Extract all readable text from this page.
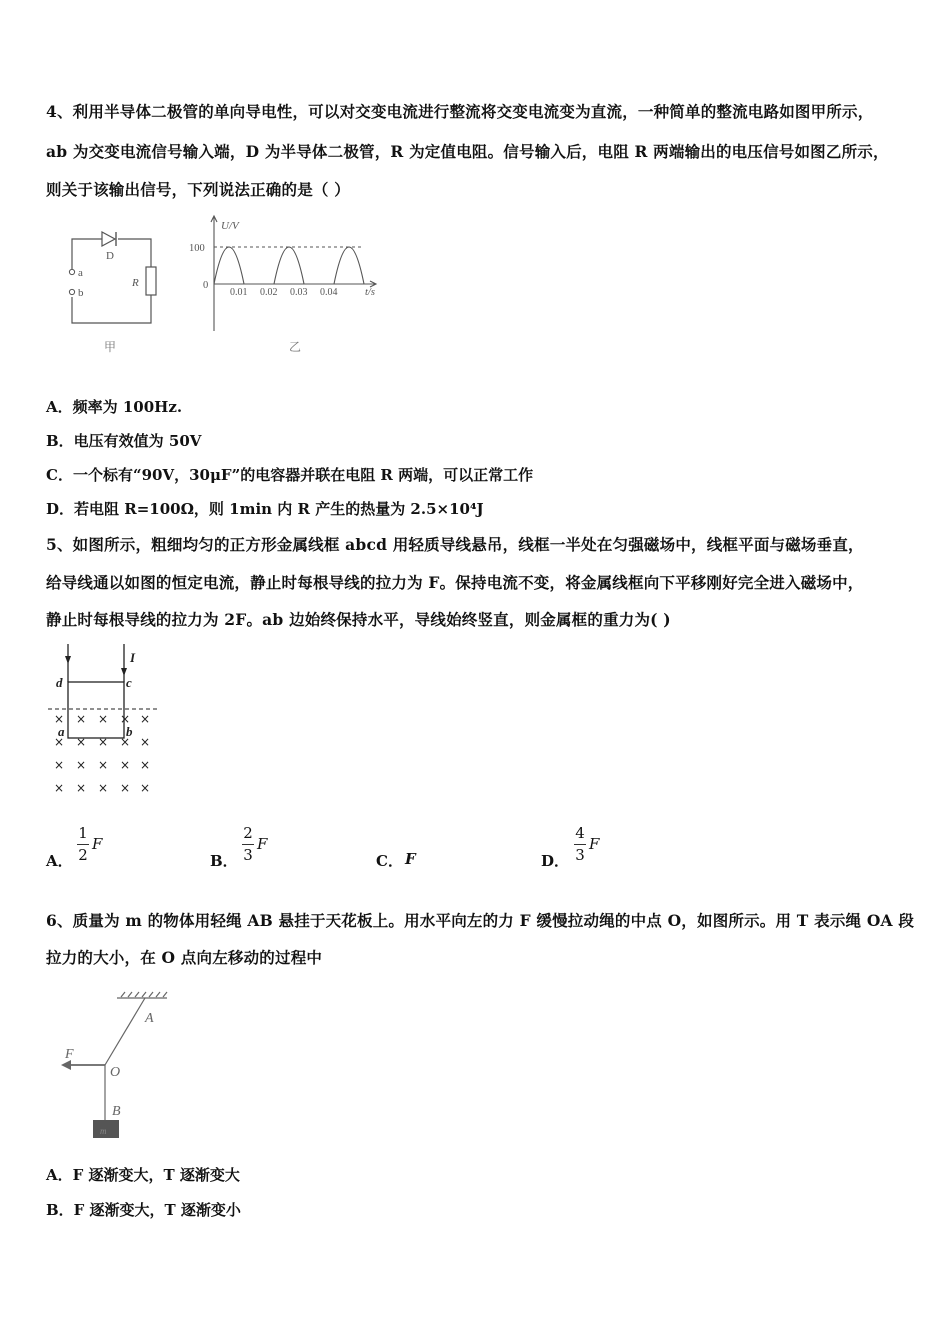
4、利用半导体二极管的单向导电性，可以对交变电流进行整流将交变电流变为直流，一种简单的整流电路如图甲所示，
ab 为交变电流信号输入端，D 为半导体二极管，R 为定值电阻。信号输入后，电阻 R 两端输出的电压信号如图乙所示，
则关于该输出信号，下列说法正确的是（ ）
a
b
D
R
甲
U/V
100
0
0.01 0.02 0.03 0.04	t/s
乙
A．频率为 100Hz.
B．电压有效值为 50V
C．一个标有“90V，30μF”的电容器并联在电阻 R 两端，可以正常工作
D．若电阻 R=100Ω，则 1min 内 R 产生的热量为 2.5×10⁴J
5、如图所示，粗细均匀的正方形金属线框 abcd 用轻质导线悬吊，线框一半处在匀强磁场中，线框平面与磁场垂直，
给导线通以如图的恒定电流，静止时每根导线的拉力为 F。保持电流不变，将金属线框向下平移刚好完全进入磁场中，
静止时每根导线的拉力为 2F。ab 边始终保持水平，导线始终竖直，则金属框的重力为( )
I
d	c
a	b
× × × × ×
× × × × ×
× × × × ×
× × × × ×
A．
1
2
F
B．
2
3
F
C． F	D．
4
3
F
6、质量为 m 的物体用轻绳 AB 悬挂于天花板上。用水平向左的力 F 缓慢拉动绳的中点 O，如图所示。用 T 表示绳 OA 段
拉力的大小，在 O 点向左移动的过程中
m
A
F
O
B
A．F 逐渐变大，T 逐渐变大
B．F 逐渐变大，T 逐渐变小
